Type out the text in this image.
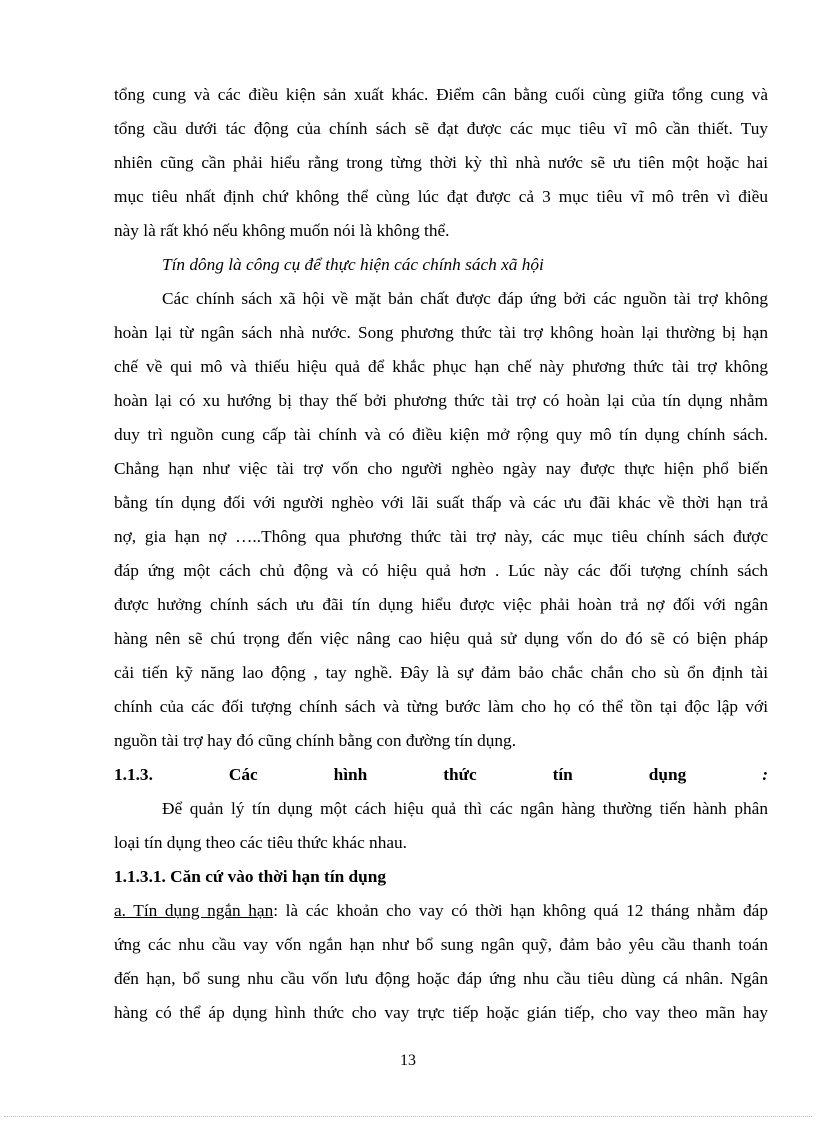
tổng cung và các điều kiện sản xuất khác. Điểm cân bằng cuối cùng giữa tổng cung và
tổng cầu dưới tác động của chính sách sẽ đạt được các mục tiêu vĩ mô cần thiết. Tuy
nhiên cũng cần phải hiểu rằng trong từng thời kỳ thì nhà nước sẽ ưu tiên một hoặc hai
mục tiêu nhất định chứ không thể cùng lúc đạt được cả 3 mục tiêu vĩ mô trên vì điều
này là rất khó nếu không muốn nói là không thể.
Tín dông là công cụ để thực hiện các chính sách xã hội
Các chính sách xã hội về mặt bản chất được đáp ứng bởi các nguồn tài trợ không
hoàn lại từ ngân sách nhà nước. Song phương thức tài trợ không hoàn lại thường bị hạn
chế về qui mô và thiếu hiệu quả để khắc phục hạn chế này phương thức tài trợ không
hoàn lại có xu hướng bị thay thế bởi phương thức tài trợ có hoàn lại của tín dụng nhằm
duy trì nguồn cung cấp tài chính và có điều kiện mở rộng quy mô tín dụng chính sách.
Chẳng hạn như việc tài trợ vốn cho người nghèo ngày nay được thực hiện phổ biến
bằng tín dụng đối với người nghèo với lãi suất thấp và các ưu đãi khác về thời hạn trả
nợ, gia hạn nợ …..Thông qua phương thức tài trợ này, các mục tiêu chính sách được
đáp ứng một cách chủ động và có hiệu quả hơn . Lúc này các đối tượng chính sách
được hưởng chính sách ưu đãi tín dụng hiểu được việc phải hoàn trả nợ đối với ngân
hàng nên sẽ chú trọng đến việc nâng cao hiệu quả sử dụng vốn do đó sẽ có biện pháp
cải tiến kỹ năng lao động , tay nghề. Đây là sự đảm bảo chắc chắn cho sù ổn định tài
chính của các đối tượng chính sách và từng bước làm cho họ có thể tồn tại độc lập với
nguồn tài trợ hay đó cũng chính bằng con đường tín dụng.
1.1.3.	Các	hình	thức	tín	dụng	:
Để quản lý tín dụng một cách hiệu quả thì các ngân hàng thường tiến hành phân
loại tín dụng theo các tiêu thức khác nhau.
1.1.3.1. Căn cứ vào thời hạn tín dụng
a. Tín dụng ngắn hạn: là các khoản cho vay có thời hạn không quá 12 tháng nhằm đáp
ứng các nhu cầu vay vốn ngắn hạn như bổ sung ngân quỹ, đảm bảo yêu cầu thanh toán
đến hạn, bổ sung nhu cầu vốn lưu động hoặc đáp ứng nhu cầu tiêu dùng cá nhân. Ngân
hàng có thể áp dụng hình thức cho vay trực tiếp hoặc gián tiếp, cho vay theo mãn hay
13
